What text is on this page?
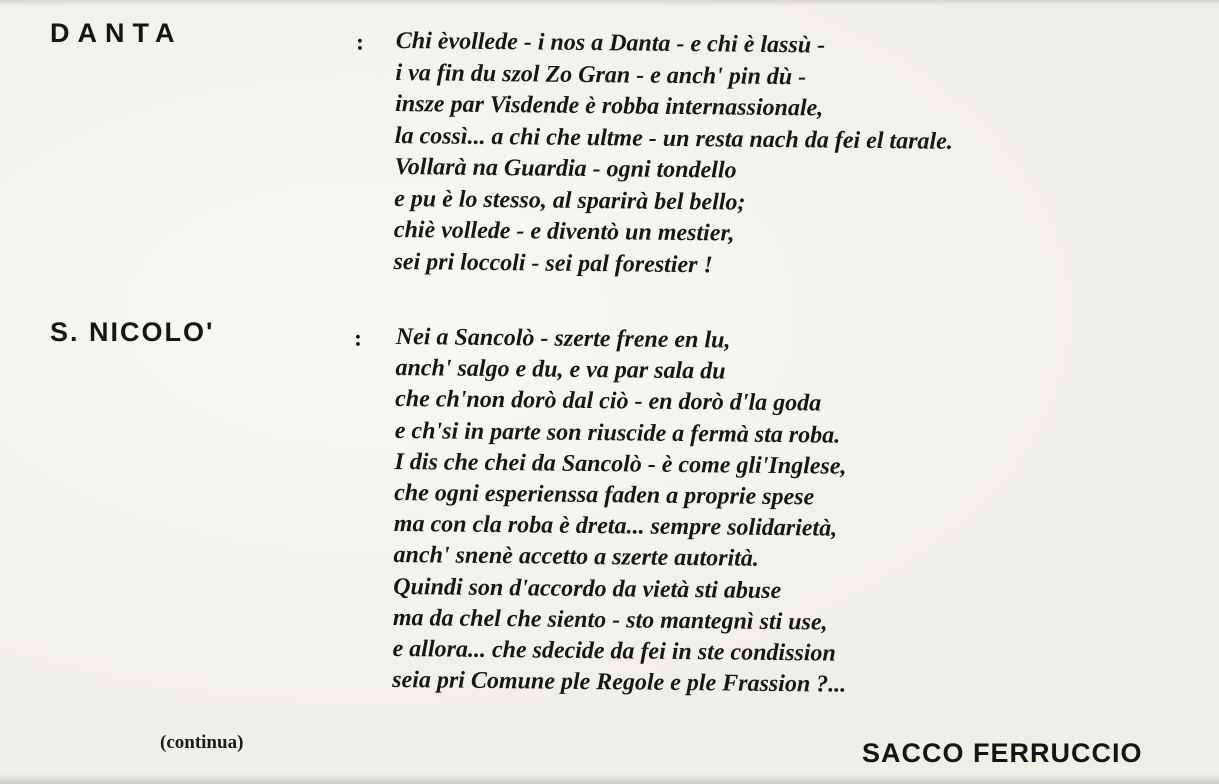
DANTA	: Chi èvollede - i nos a Danta - e chi è lassù -
i va fin du szol Zo Gran - e anch' pin dù -
insze par Visdende è robba internassionale,
la cossì... a chi che ultme - un resta nach da fei el tarale.
Vollarà na Guardia - ogni tondello
e pu è lo stesso, al sparirà bel bello;
chiè vollede - e diventò un mestier,
sei pri loccoli - sei pal forestier !
S. NICOLO'	: Nei a Sancolò - szerte frene en lu,
anch' salgo e du, e va par sala du
che ch'non dorò dal ciò - en dorò d'la goda
e ch'si in parte son riuscide a fermà sta roba.
I dis che chei da Sancolò - è come gli'Inglese,
che ogni esperienssa faden a proprie spese
ma con cla roba è dreta... sempre solidarietà,
anch' snenè accetto a szerte autorità.
Quindi son d'accordo da vietà sti abuse
ma da chel che siento - sto mantegnì sti use,
e allora... che sdecide da fei in ste condission
seia pri Comune ple Regole e ple Frassion ?...
(continua)	SACCO FERRUCCIO
